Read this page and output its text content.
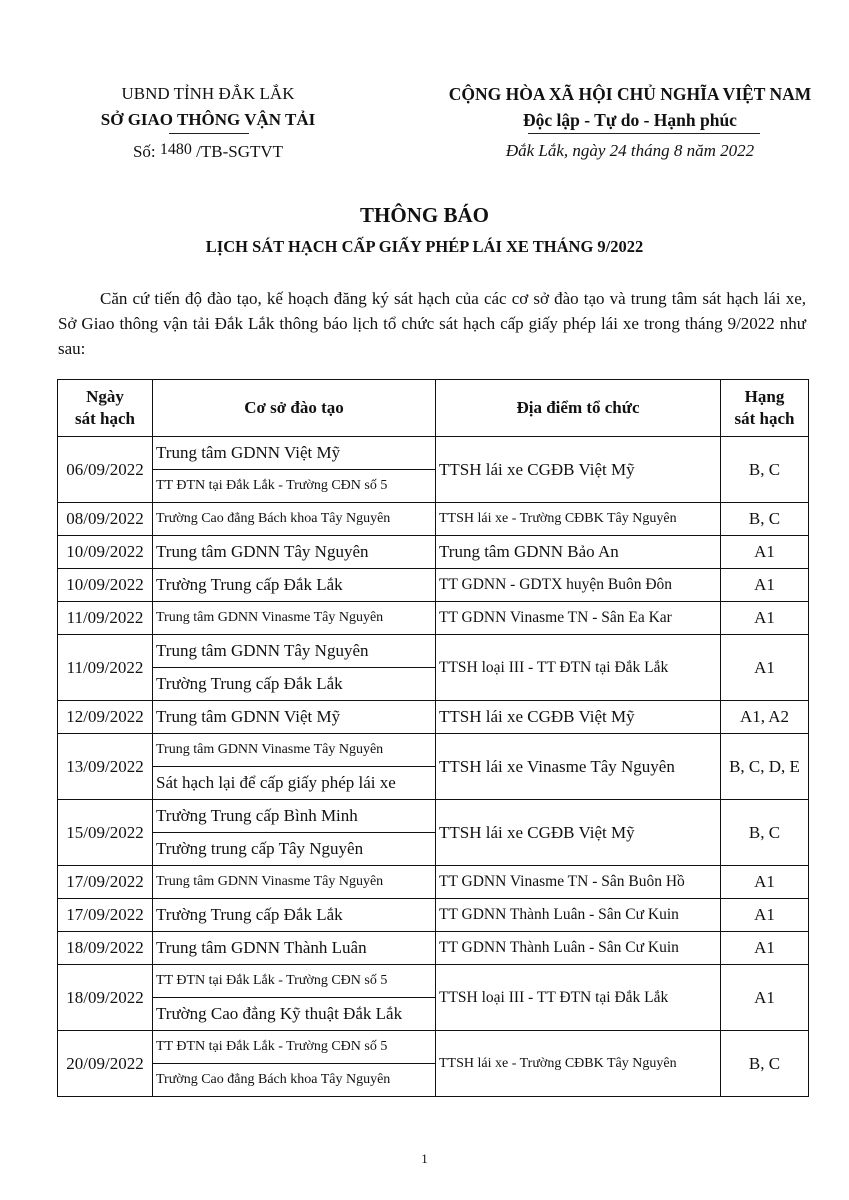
UBND TỈNH ĐẮK LẮK
SỞ GIAO THÔNG VẬN TẢI
Số: 1480 /TB-SGTVT
CỘNG HÒA XÃ HỘI CHỦ NGHĨA VIỆT NAM
Độc lập - Tự do - Hạnh phúc
Đắk Lắk, ngày 24 tháng 8 năm 2022
THÔNG BÁO
LỊCH SÁT HẠCH CẤP GIẤY PHÉP LÁI XE THÁNG 9/2022
Căn cứ tiến độ đào tạo, kế hoạch đăng ký sát hạch của các cơ sở đào tạo và trung tâm sát hạch lái xe, Sở Giao thông vận tải Đắk Lắk thông báo lịch tổ chức sát hạch cấp giấy phép lái xe trong tháng 9/2022 như sau:
Ngày
sát hạch	Cơ sở đào tạo	Địa điểm tổ chức	Hạng
sát hạch
06/09/2022	Trung tâm GDNN Việt Mỹ	TTSH lái xe CGĐB Việt Mỹ	B, C
	TT ĐTN tại Đắk Lắk - Trường CĐN số 5		
08/09/2022	Trường Cao đẳng Bách khoa Tây Nguyên	TTSH lái xe - Trường CĐBK Tây Nguyên	B, C
10/09/2022	Trung tâm GDNN Tây Nguyên	Trung tâm GDNN Bảo An	A1
10/09/2022	Trường Trung cấp Đắk Lắk	TT GDNN - GDTX huyện Buôn Đôn	A1
11/09/2022	Trung tâm GDNN Vinasme Tây Nguyên	TT GDNN Vinasme TN - Sân Ea Kar	A1
11/09/2022	Trung tâm GDNN Tây Nguyên	TTSH loại III - TT ĐTN tại Đắk Lắk	A1
	Trường Trung cấp Đắk Lắk		
12/09/2022	Trung tâm GDNN Việt Mỹ	TTSH lái xe CGĐB Việt Mỹ	A1, A2
13/09/2022	Trung tâm GDNN Vinasme Tây Nguyên	TTSH lái xe Vinasme Tây Nguyên	B, C, D, E
	Sát hạch lại để cấp giấy phép lái xe		
15/09/2022	Trường Trung cấp Bình Minh	TTSH lái xe CGĐB Việt Mỹ	B, C
	Trường trung cấp Tây Nguyên		
17/09/2022	Trung tâm GDNN Vinasme Tây Nguyên	TT GDNN Vinasme TN - Sân Buôn Hồ	A1
17/09/2022	Trường Trung cấp Đắk Lắk	TT GDNN Thành Luân - Sân Cư Kuin	A1
18/09/2022	Trung tâm GDNN Thành Luân	TT GDNN Thành Luân - Sân Cư Kuin	A1
18/09/2022	TT ĐTN tại Đắk Lắk - Trường CĐN số 5	TTSH loại III - TT ĐTN tại Đắk Lắk	A1
	Trường Cao đẳng Kỹ thuật Đắk Lắk		
20/09/2022	TT ĐTN tại Đắk Lắk - Trường CĐN số 5	TTSH lái xe - Trường CĐBK Tây Nguyên	B, C
	Trường Cao đẳng Bách khoa Tây Nguyên		
1
